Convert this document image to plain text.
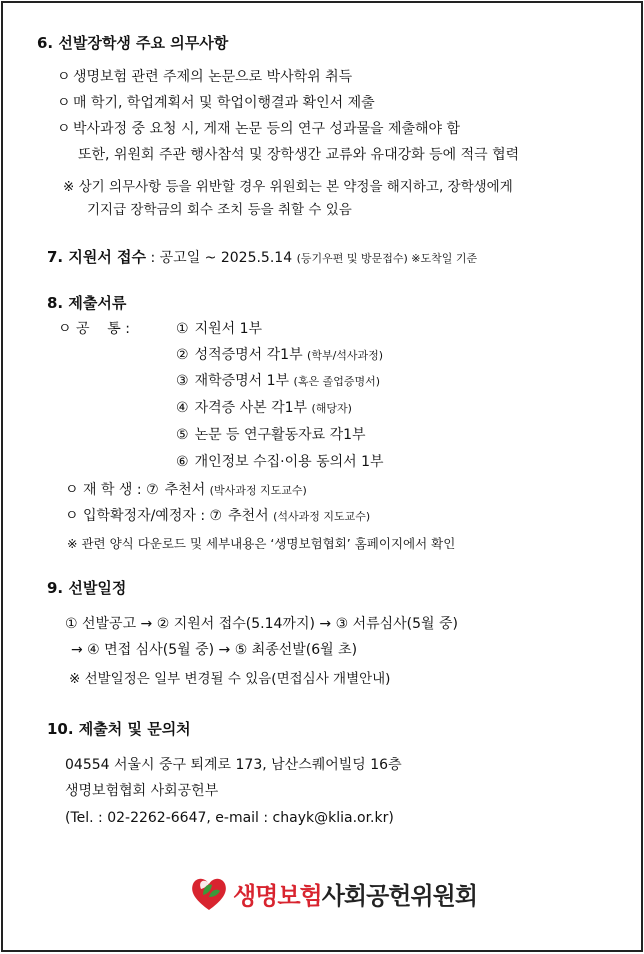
6. 선발장학생 주요 의무사항
ㅇ 생명보험 관련 주제의 논문으로 박사학위 취득
ㅇ 매 학기, 학업계획서 및 학업이행결과 확인서 제출
ㅇ 박사과정 중 요청 시, 게재 논문 등의 연구 성과물을 제출해야 함
또한, 위원회 주관 행사참석 및 장학생간 교류와 유대강화 등에 적극 협력
※ 상기 의무사항 등을 위반할 경우 위원회는 본 약정을 해지하고, 장학생에게
기지급 장학금의 회수 조치 등을 취할 수 있음
7. 지원서 접수 : 공고일 ~ 2025.5.14 (등기우편 및 방문접수) ※도착일 기준
8. 제출서류
ㅇ 공    통 :	① 지원서 1부
② 성적증명서 각1부 (학부/석사과정)
③ 재학증명서 1부 (혹은 졸업증명서)
④ 자격증 사본 각1부 (해당자)
⑤ 논문 등 연구활동자료 각1부
⑥ 개인정보 수집·이용 동의서 1부
ㅇ 재 학 생 : ⑦ 추천서 (박사과정 지도교수)
ㅇ 입학확정자/예정자 : ⑦ 추천서 (석사과정 지도교수)
※ 관련 양식 다운로드 및 세부내용은 ‘생명보험협회’ 홈페이지에서 확인
9. 선발일정
① 선발공고 → ② 지원서 접수(5.14까지) → ③ 서류심사(5월 중)
→ ④ 면접 심사(5월 중) → ⑤ 최종선발(6월 초)
※ 선발일정은 일부 변경될 수 있음(면접심사 개별안내)
10. 제출처 및 문의처
04554 서울시 중구 퇴계로 173, 남산스퀘어빌딩 16층
생명보험협회 사회공헌부
(Tel. : 02-2262-6647, e-mail : chayk@klia.or.kr)
생명보험사회공헌위원회
